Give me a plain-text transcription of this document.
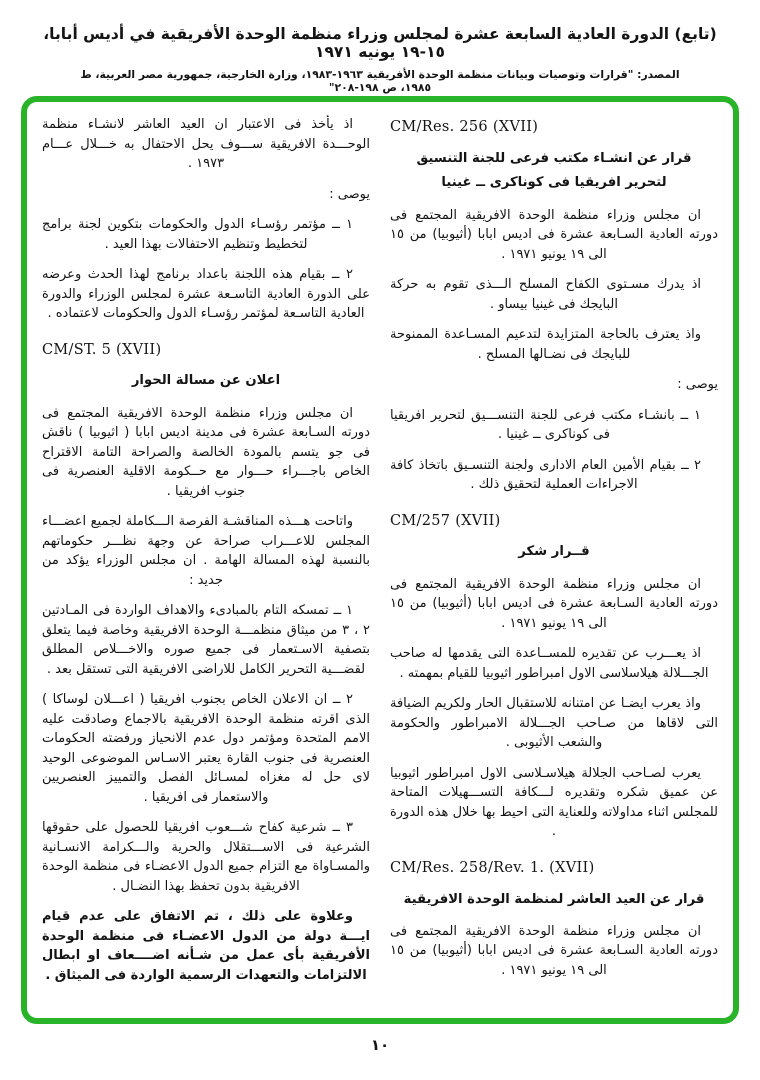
(تابع) الدورة العادية السابعة عشرة لمجلس وزراء منظمة الوحدة الأفريقية في أديس أبابا، ١٥-١٩ يونيه ١٩٧١
المصدر: "قرارات وتوصيات وبيانات منظمة الوحدة الأفريقية ١٩٦٣-١٩٨٣، وزارة الخارجية، جمهورية مصر العربية، ط ١٩٨٥، ص ١٩٨-٢٠٨"
CM/Res. 256 (XVII)
قرار عن انشـاء مكتب فرعى للجنة التنسيق لتحرير افريقيا فى كوناكرى ــ غينيا
ان مجلس وزراء منظمة الوحدة الافريقية المجتمع فى دورته العادية السـابعة عشرة فى اديس ابابا (أثيوبيا) من ١٥ الى ١٩ يونيو ١٩٧١ .
اذ يدرك مسـتوى الكفاح المسلح الـــذى تقوم به حركة البايجك فى غينيا بيساو .
واذ يعترف بالحاجة المتزايدة لتدعيم المسـاعدة الممنوحة للبايجك فى نضـالها المسلح .
يوصى :
١ ــ بانشـاء مكتب فرعى للجنة التنســـيق لتحرير افريقيا فى كوناكرى ــ غينيا .
٢ ــ بقيام الأمين العام الادارى ولجنة التنسـيق باتخاذ كافة الاجراءات العملية لتحقيق ذلك .
CM/257 (XVII)
قــرار شكر
ان مجلس وزراء منظمة الوحدة الافريقية المجتمع فى دورته العادية السـابعة عشرة فى اديس ابابا (أثيوبيا) من ١٥ الى ١٩ يونيو ١٩٧١ .
اذ يعـــرب عن تقديره للمســاعدة التى يقدمها له صاحب الجـــلالة هيلاسلاسى الاول امبراطور اثيوبيا للقيام بمهمته .
واذ يعرب ايضـا عن امتنانه للاستقبال الحار ولكريم الضيافة التى لاقاها من صـاحب الجـــلالة الامبراطور والحكومة والشعب الأثيوبى .
يعرب لصـاحب الجلالة هيلاسـلاسى الاول امبراطور اثيوبيا عن عميق شكره وتقديره لـــكافة التســـهيلات المتاحة للمجلس اثناء مداولاته وللعناية التى احيط بها خلال هذه الدورة .
CM/Res. 258/Rev. 1. (XVII)
قرار عن العيد العاشر لمنظمة الوحدة الافريقية
ان مجلس وزراء منظمة الوحدة الافريقية المجتمع فى دورته العادية السـابعة عشرة فى اديس ابابا (أثيوبيا) من ١٥ الى ١٩ يونيو ١٩٧١ .
اذ يأخذ فى الاعتبار ان العيد العاشر لانشـاء منظمة الوحـــدة الافريقية ســـوف يحل الاحتفال به خـــلال عـــام ١٩٧٣ .
يوصى :
١ ــ مؤتمر رؤسـاء الدول والحكومات بتكوين لجنة برامج لتخطيط وتنظيم الاحتفالات بهذا العيد .
٢ ــ بقيام هذه اللجنة باعداد برنامج لهذا الحدث وعرضه على الدورة العادية التاسـعة عشرة لمجلس الوزراء والدورة العادية التاسـعة لمؤتمر رؤسـاء الدول والحكومات لاعتماده .
CM/ST. 5 (XVII)
اعلان عن مسالة الحوار
ان مجلس وزراء منظمة الوحدة الافريقية المجتمع فى دورته السـابعة عشرة فى مدينة اديس ابابا ( اثيوبيا ) ناقش فى جو يتسم بالمودة الخالصة والصراحة التامة الاقتراح الخاص باجـــراء حـــوار مع حــكومة الاقلية العنصرية فى جنوب افريقيا .
واتاحت هـــذه المناقشـة الفرصة الـــكاملة لجميع اعضـــاء المجلس للاعـــراب صراحة عن وجهة نظـــر حكوماتهم بالنسبة لهذه المسالة الهامة . ان مجلس الوزراء يؤكد من جديد :
١ ــ تمسكه التام بالمبادىء والاهداف الواردة فى المـادتين ٢ ، ٣ من ميثاق منظمـــة الوحدة الافريقية وخاصة فيما يتعلق بتصفية الاسـتعمار فى جميع صوره والاخـــلاص المطلق لقضـــية التحرير الكامل للاراضى الافريقية التى تستقل بعد .
٢ ــ ان الاعلان الخاص بجنوب افريقيا ( اعـــلان لوساكا ) الذى اقرته منظمة الوحدة الافريقية بالاجماع وصادقت عليه الامم المتحدة ومؤتمر دول عدم الانحياز ورفضته الحكومات العنصرية فى جنوب القارة يعتبر الاسـاس الموضوعى الوحيد لاى حل له مغزاه لمسـائل الفصل والتمييز العنصريين والاستعمار فى افريقيا .
٣ ــ شرعية كفاح شـــعوب افريقيا للحصول على حقوقها الشرعية فى الاســـتقلال والحرية والـــكرامة الانسـانية والمسـاواة مع التزام جميع الدول الاعضـاء فى منظمة الوحدة الافريقية بدون تحفظ بهذا النضـال .
وعلاوة على ذلك ، تم الاتفاق على عدم قيام ايـــة دولة من الدول الاعضـاء فى منظمة الوحدة الأفريقية بأى عمل من شـأنه اضــــعاف او ابطال الالتزامات والتعهدات الرسمية الواردة فى الميثاق .
١٠
